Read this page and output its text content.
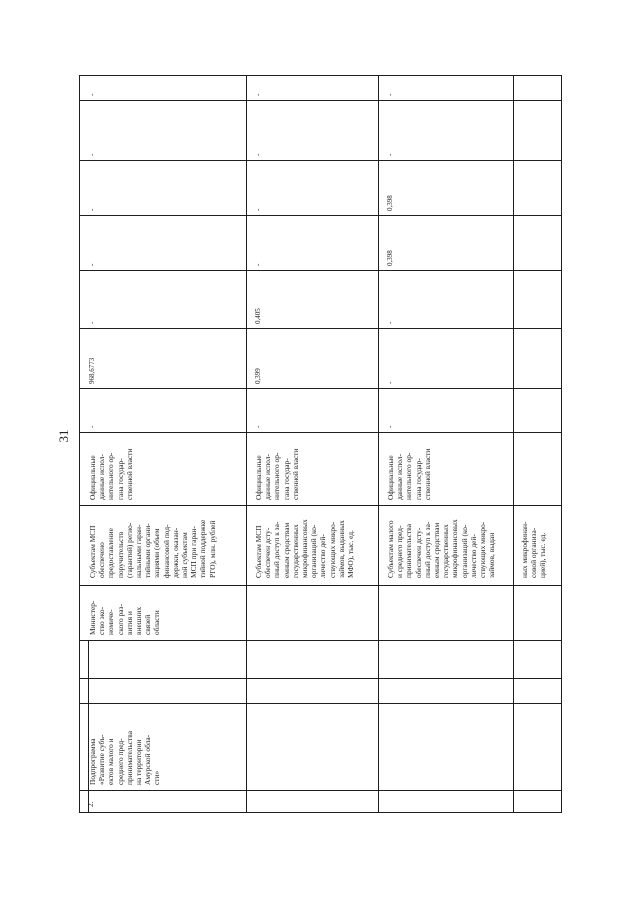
31
2.
Подпрограмма
«Развитие субъ-
ектов малого и
среднего пред-
принимательства
на территории
Амурской обла-
сти»
Министер-
ство эко-
номиче-
ского раз-
вития и
внешних
связей
области
Субъектам МСП
обеспечено
предоставление
поручительств
(гарантий) регио-
нальными гаран-
тийными органи-
зациями (объем
финансовой под-
держки, оказан-
ной субъектам
МСП при гаран-
тийной поддержке
РГО), млн. рублей
Субъектам МСП
обеспечен дсту-
пный доступ к за-
емным средствам
государственных
микрофинансовых
организаций (ко-
личество дей-
ствующих микро-
займов, выданных
МФО), тыс. ед.
Субъектам малого
и среднего пред-
принимательства
обеспечен дсту-
пный доступ к за-
емным средствам
государственных
микрофинансовых
организаций (ко-
личество дей-
ствующих микро-
займов, выдан
ных микрофинан-
совой организа-
цией), тыс. ед.
Официальные
данные испол-
нительного ор-
гана государ-
ственной власти	Официальные
данные испол-
нительного ор-
гана государ-
ственной власти	Официальные
данные испол-
нительного ор-
гана государ-
ственной власти
-
968,6773
-
-
-
-
-
-
0,399
0,405
-
-
-
-
-
-
-
0,398
0,398
-
-
